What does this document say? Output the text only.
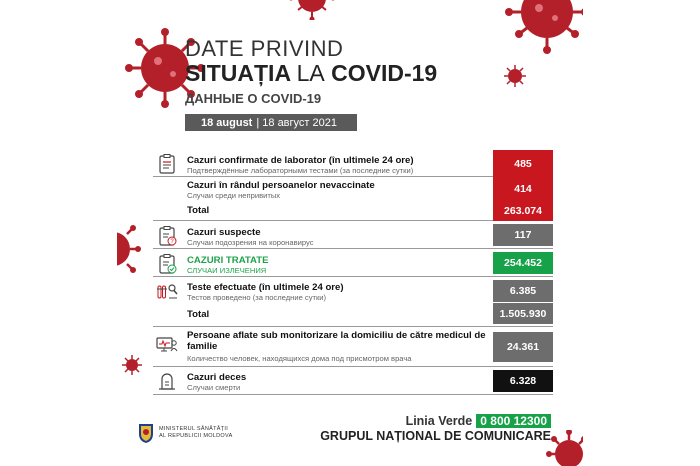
DATE PRIVIND
SITUAȚIA LA COVID-19
ДАННЫЕ О COVID-19
18 august | 18 август 2021
Cazuri confirmate de laborator (în ultimele 24 ore)
Подтверждённые лабораторными тестами (за последние сутки)
485
Cazuri în rândul persoanelor nevaccinate
Случаи среди непривитых
414
Total	263.074
?
Cazuri suspecte
Случаи подозрения на коронавирус
117
CAZURI TRATATE
СЛУЧАИ ИЗЛЕЧЕНИЯ
254.452
Teste efectuate (în ultimele 24 ore)
Тестов проведено (за последние сутки)
6.385
Total	1.505.930
Persoane aflate sub monitorizare la domiciliu de către medicul de familie
Количество человек, находящихся дома под присмотром врача
24.361
Cazuri deces
Случаи смерти
6.328
MINISTERUL SĂNĂTĂȚII
AL REPUBLICII MOLDOVA
Linia Verde 0 800 12300
GRUPUL NAȚIONAL DE COMUNICARE
